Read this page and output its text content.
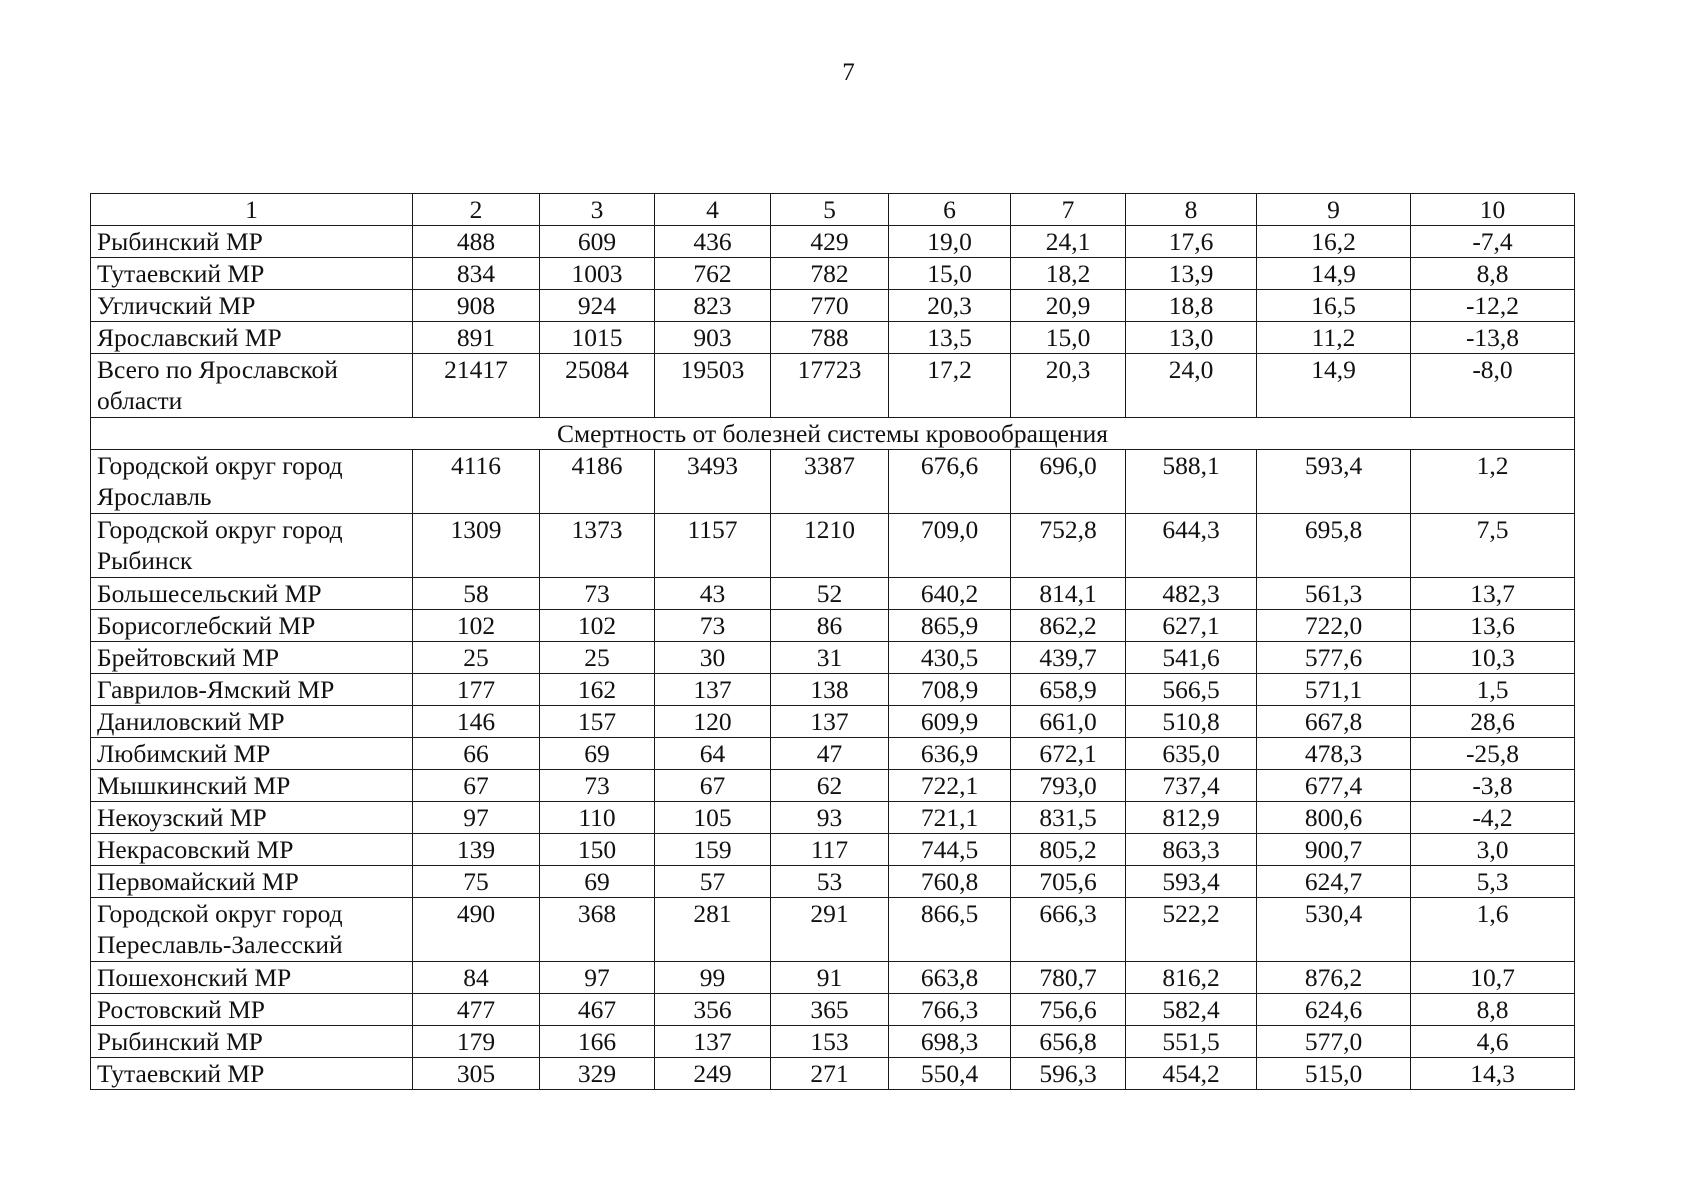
7
1	2	3	4	5	6	7	8	9	10
Рыбинский МР	488	609	436	429	19,0	24,1	17,6	16,2	-7,4
Тутаевский МР	834	1003	762	782	15,0	18,2	13,9	14,9	8,8
Угличский МР	908	924	823	770	20,3	20,9	18,8	16,5	-12,2
Ярославский МР	891	1015	903	788	13,5	15,0	13,0	11,2	-13,8
Всего по Ярославской области	21417	25084	19503	17723	17,2	20,3	24,0	14,9	-8,0
Смертность от болезней системы кровообращения									
Городской округ город Ярославль	4116	4186	3493	3387	676,6	696,0	588,1	593,4	1,2
Городской округ город Рыбинск	1309	1373	1157	1210	709,0	752,8	644,3	695,8	7,5
Большесельский МР	58	73	43	52	640,2	814,1	482,3	561,3	13,7
Борисоглебский МР	102	102	73	86	865,9	862,2	627,1	722,0	13,6
Брейтовский МР	25	25	30	31	430,5	439,7	541,6	577,6	10,3
Гаврилов-Ямский МР	177	162	137	138	708,9	658,9	566,5	571,1	1,5
Даниловский МР	146	157	120	137	609,9	661,0	510,8	667,8	28,6
Любимский МР	66	69	64	47	636,9	672,1	635,0	478,3	-25,8
Мышкинский МР	67	73	67	62	722,1	793,0	737,4	677,4	-3,8
Некоузский МР	97	110	105	93	721,1	831,5	812,9	800,6	-4,2
Некрасовский МР	139	150	159	117	744,5	805,2	863,3	900,7	3,0
Первомайский МР	75	69	57	53	760,8	705,6	593,4	624,7	5,3
Городской округ город Переславль-Залесский	490	368	281	291	866,5	666,3	522,2	530,4	1,6
Пошехонский МР	84	97	99	91	663,8	780,7	816,2	876,2	10,7
Ростовский МР	477	467	356	365	766,3	756,6	582,4	624,6	8,8
Рыбинский МР	179	166	137	153	698,3	656,8	551,5	577,0	4,6
Тутаевский МР	305	329	249	271	550,4	596,3	454,2	515,0	14,3
